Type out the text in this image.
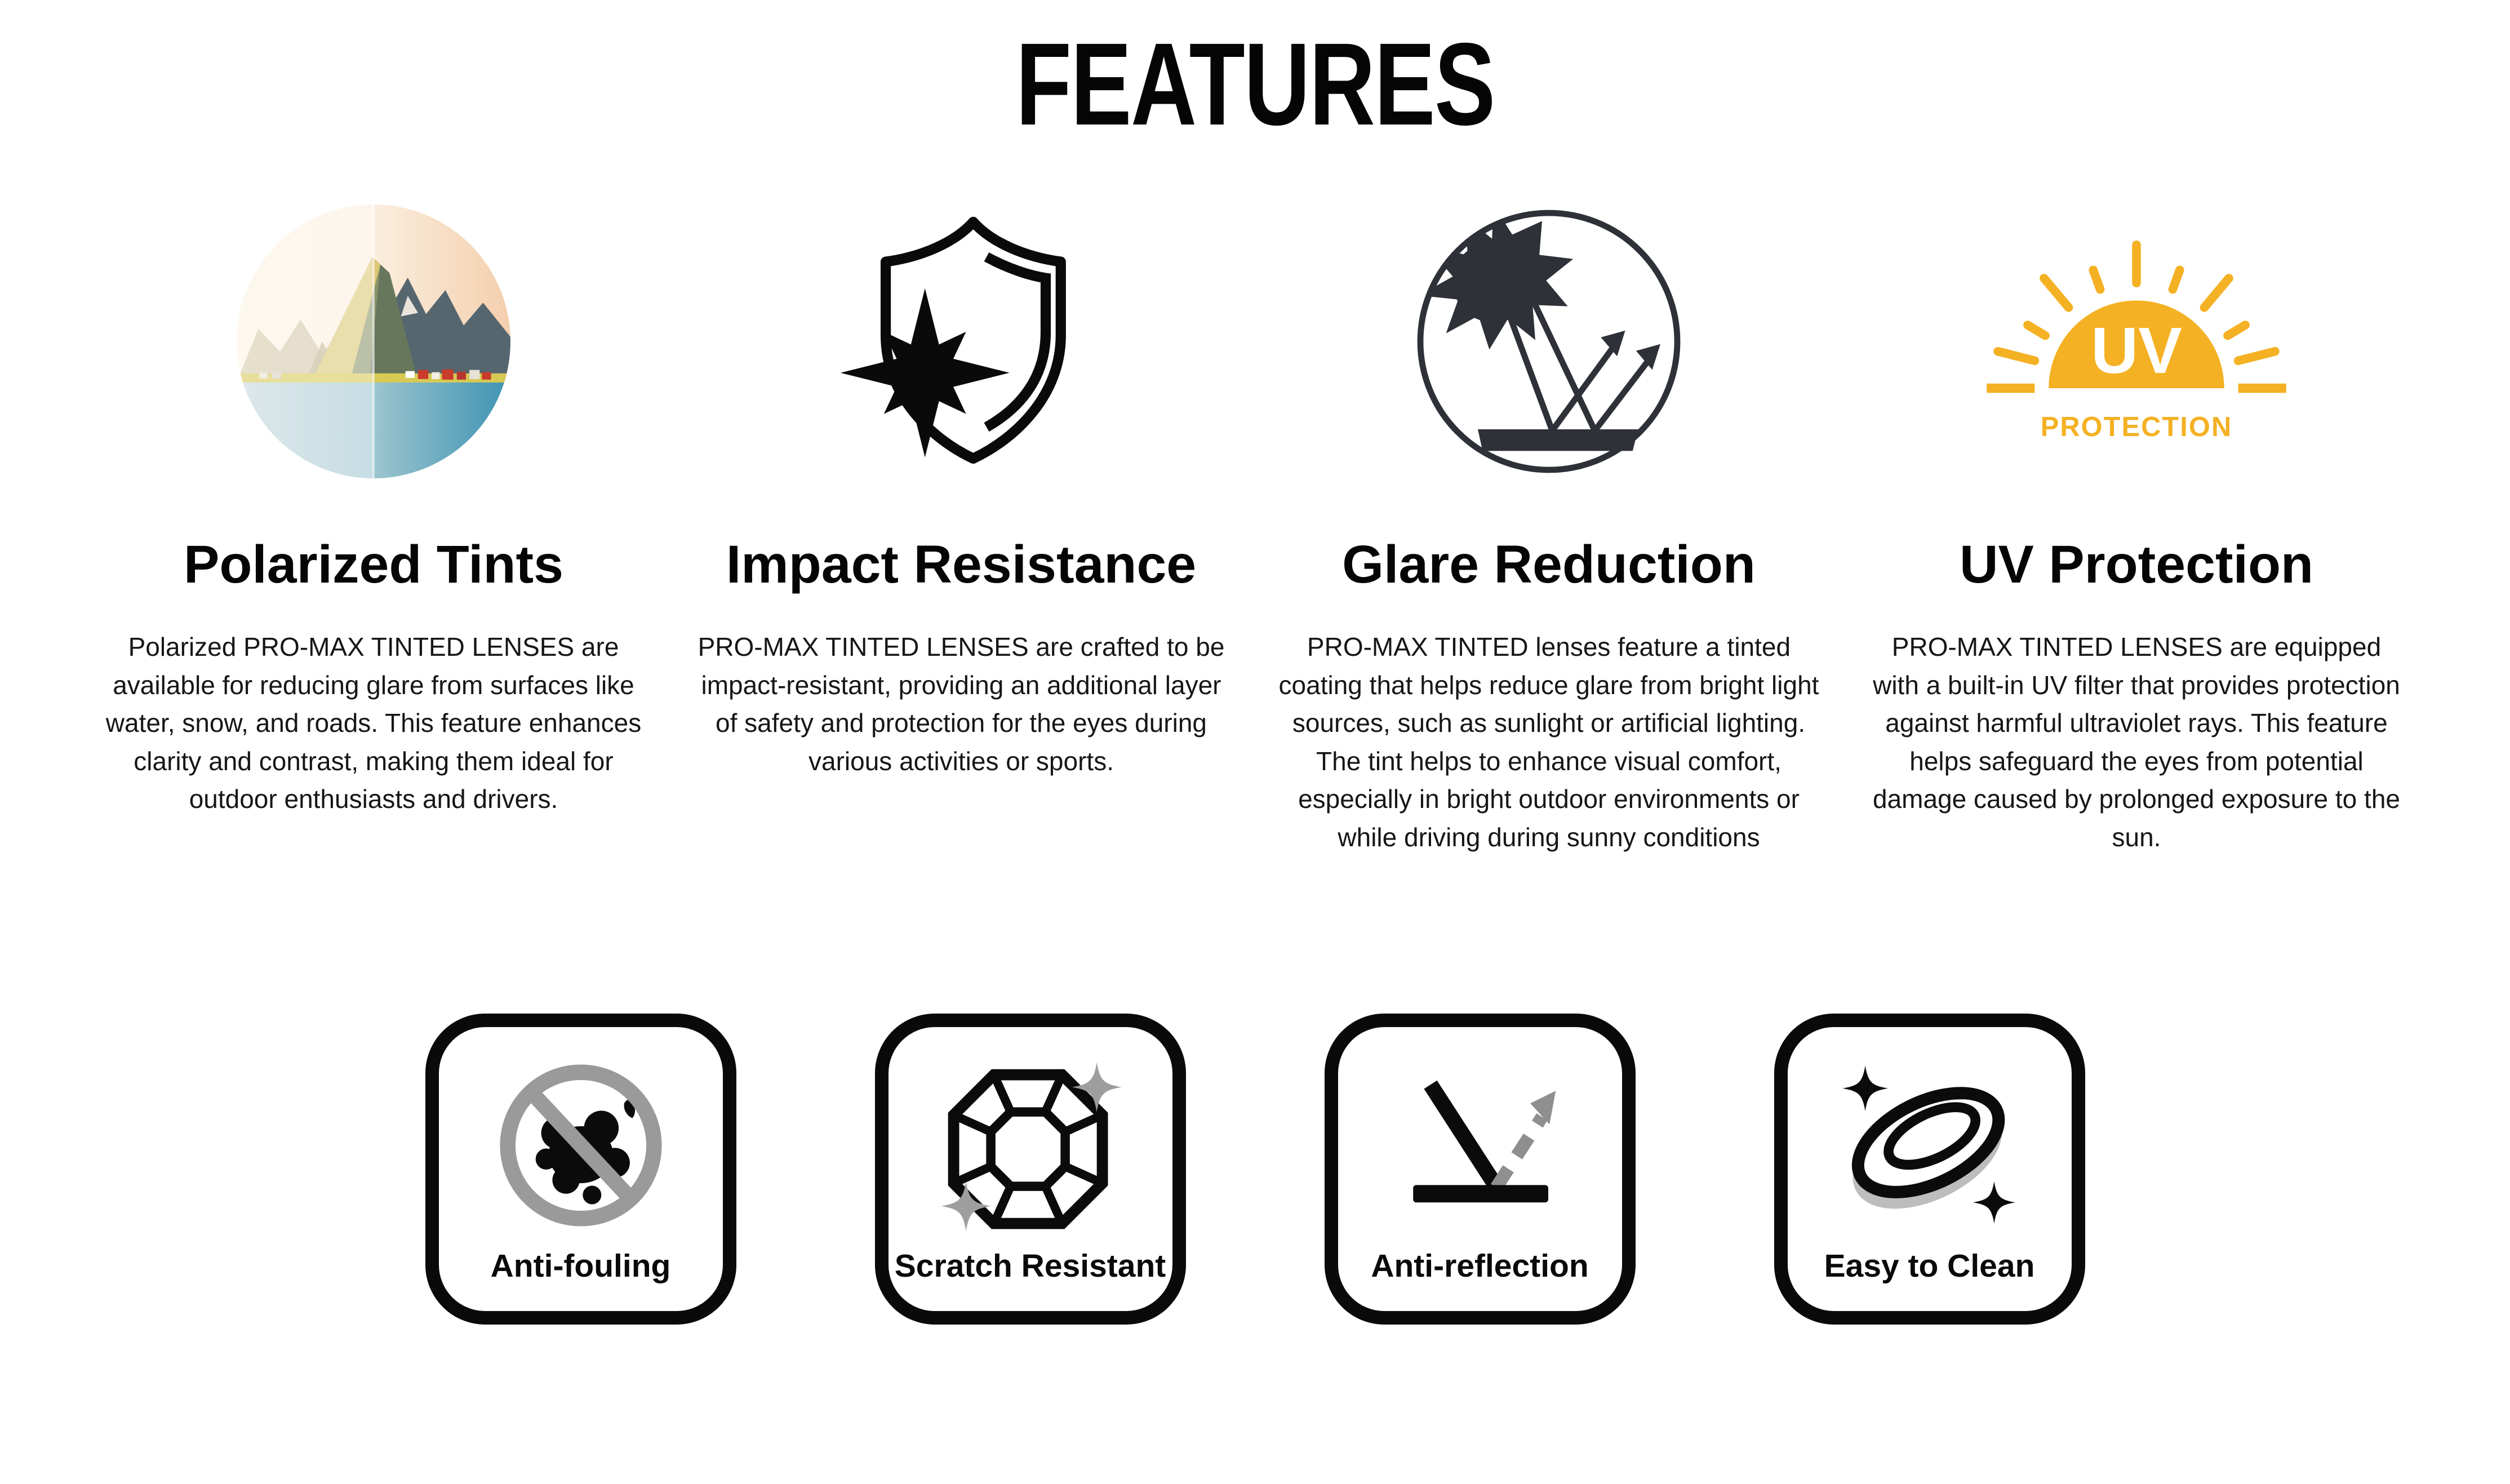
FEATURES
Polarized Tints

Polarized PRO-MAX TINTED LENSES are available for reducing glare from surfaces like water, snow, and roads. This feature enhances clarity and contrast, making them ideal for outdoor enthusiasts and drivers.

Impact Resistance

PRO-MAX TINTED LENSES are crafted to be impact-resistant, providing an additional layer of safety and protection for the eyes during various activities or sports.

Glare Reduction

PRO-MAX TINTED lenses feature a tinted coating that helps reduce glare from bright light sources, such as sunlight or artificial lighting. The tint helps to enhance visual comfort, especially in bright outdoor environments or while driving during sunny conditions

UV
PROTECTION
UV Protection

PRO-MAX TINTED LENSES are equipped with a built-in UV filter that provides protection against harmful ultraviolet rays. This feature helps safeguard the eyes from potential damage caused by prolonged exposure to the sun.

Anti-fouling	Scratch Resistant	Anti-reflection	Easy to Clean
